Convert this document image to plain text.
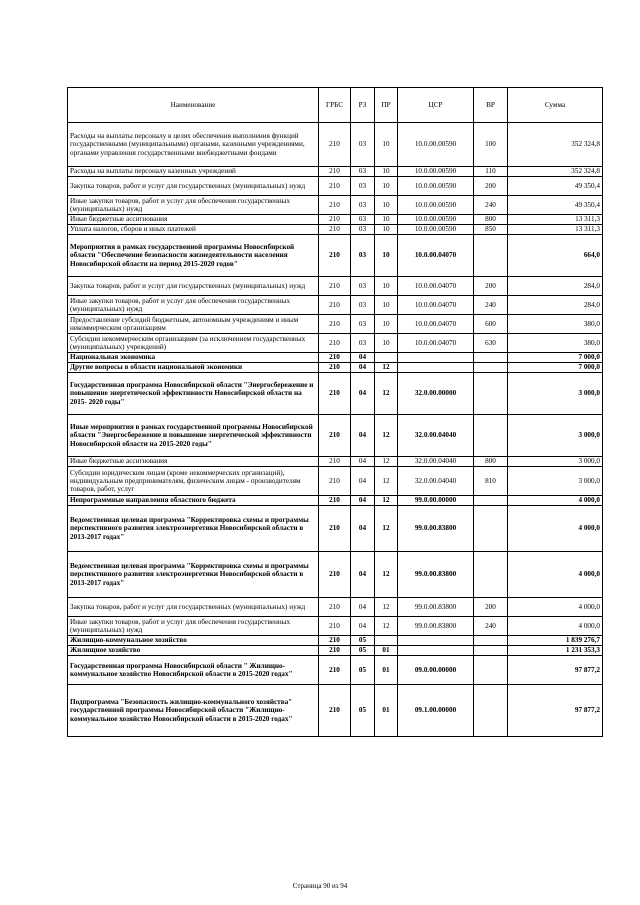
Наименование	ГРБС	РЗ	ПР	ЦСР	ВР	Сумма
Расходы на выплаты персоналу в целях обеспечения выполнения функций государственными (муниципальными) органами, казенными учреждениями, органами управления государственными внебюджетными фондами	210	03	10	10.0.00.00590	100	352 324,8
Расходы на выплаты персоналу казенных учреждений	210	03	10	10.0.00.00590	110	352 324,8
Закупка товаров, работ и услуг для государственных (муниципальных) нужд	210	03	10	10.0.00.00590	200	49 350,4
Иные закупки товаров, работ и услуг для обеспечения государственных (муниципальных) нужд	210	03	10	10.0.00.00590	240	49 350,4
Иные бюджетные ассигнования	210	03	10	10.0.00.00590	800	13 311,3
Уплата налогов, сборов и иных платежей	210	03	10	10.0.00.00590	850	13 311,3
Мероприятия в рамках государственной программы Новосибирской области "Обеспечение безопасности жизнедеятельности населения Новосибирской области на период 2015-2020 годов"	210	03	10	10.0.00.04070		664,0
Закупка товаров, работ и услуг для государственных (муниципальных) нужд	210	03	10	10.0.00.04070	200	284,0
Иные закупки товаров, работ и услуг для обеспечения государственных (муниципальных) нужд	210	03	10	10.0.00.04070	240	284,0
Предоставление субсидий бюджетным, автономным учреждениям и иным некоммерческим организациям	210	03	10	10.0.00.04070	600	380,0
Субсидии некоммерческим организациям (за исключением государственных (муниципальных) учреждений)	210	03	10	10.0.00.04070	630	380,0
Национальная экономика	210	04				7 000,0
Другие вопросы в области национальной экономики	210	04	12			7 000,0
Государственная программа Новосибирской области "Энергосбережение и повышение энергетической эффективности Новосибирской области на 2015- 2020 годы"	210	04	12	32.0.00.00000		3 000,0
Иные мероприятия в рамках государственной программы Новосибирской области "Энергосбережение и повышение энергетической эффективности Новосибирской области на 2015-2020 годы"	210	04	12	32.0.00.04040		3 000,0
Иные бюджетные ассигнования	210	04	12	32.0.00.04040	800	3 000,0
Субсидии юридическим лицам (кроме некоммерческих организаций), индивидуальным предпринимателям, физическим лицам - производителям товаров, работ, услуг	210	04	12	32.0.00.04040	810	3 000,0
Непрограммные направления областного бюджета	210	04	12	99.0.00.00000		4 000,0
Ведомственная целевая программа "Корректировка схемы и программы перспективного развития электроэнергетики Новосибирской области в 2013-2017 годах"	210	04	12	99.0.00.83800		4 000,0
Ведомственная целевая программа "Корректировка схемы и программы перспективного развития электроэнергетики Новосибирской области в 2013-2017 годах"	210	04	12	99.0.00.83800		4 000,0
Закупка товаров, работ и услуг для государственных (муниципальных) нужд	210	04	12	99.0.00.83800	200	4 000,0
Иные закупки товаров, работ и услуг для обеспечения государственных (муниципальных) нужд	210	04	12	99.0.00.83800	240	4 000,0
Жилищно-коммунальное хозяйство	210	05				1 839 276,7
Жилищное хозяйство	210	05	01			1 231 353,3
Государственная программа Новосибирской области " Жилищно-коммунальное хозяйство Новосибирской области в 2015-2020 годах"	210	05	01	09.0.00.00000		97 877,2
Подпрограмма "Безопасность жилищно-коммунального хозяйства" государственной программы Новосибирской области "Жилищно-коммунальное хозяйство Новосибирской области в 2015-2020 годах"	210	05	01	09.1.00.00000		97 877,2
Страница 90 из 94
